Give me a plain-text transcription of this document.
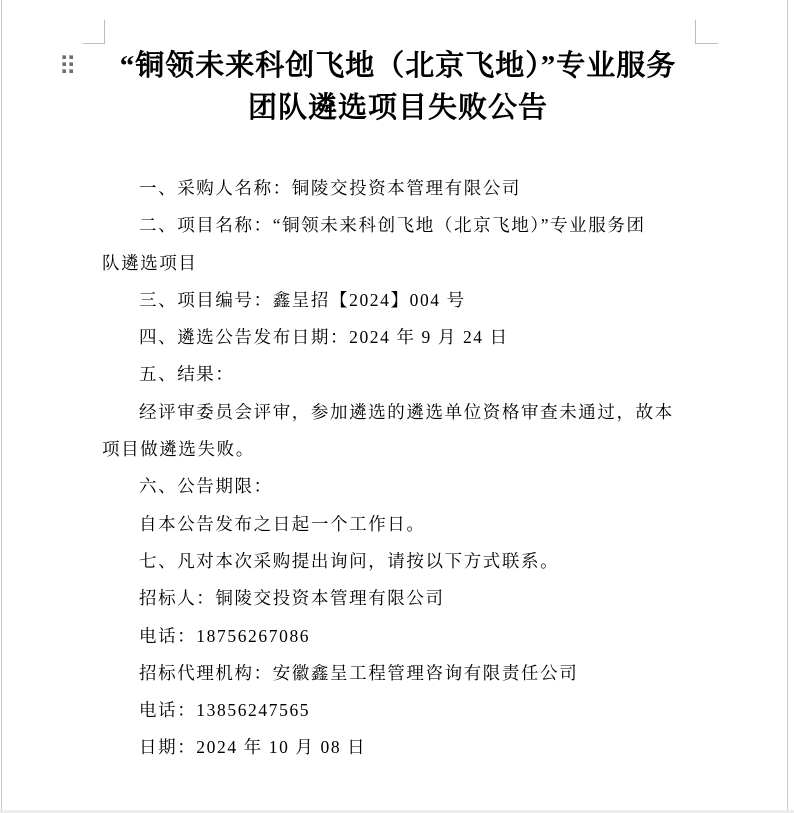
“铜领未来科创飞地（北京飞地）”专业服务
团队遴选项目失败公告
一、采购人名称：铜陵交投资本管理有限公司
二、项目名称：“铜领未来科创飞地（北京飞地）”专业服务团
队遴选项目
三、项目编号：鑫呈招【2024】004 号
四、遴选公告发布日期：2024 年 9 月 24 日
五、结果：
经评审委员会评审，参加遴选的遴选单位资格审查未通过，故本
项目做遴选失败。
六、公告期限：
自本公告发布之日起一个工作日。
七、凡对本次采购提出询问，请按以下方式联系。
招标人：铜陵交投资本管理有限公司
电话：18756267086
招标代理机构：安徽鑫呈工程管理咨询有限责任公司
电话：13856247565
日期：2024 年 10 月 08 日
